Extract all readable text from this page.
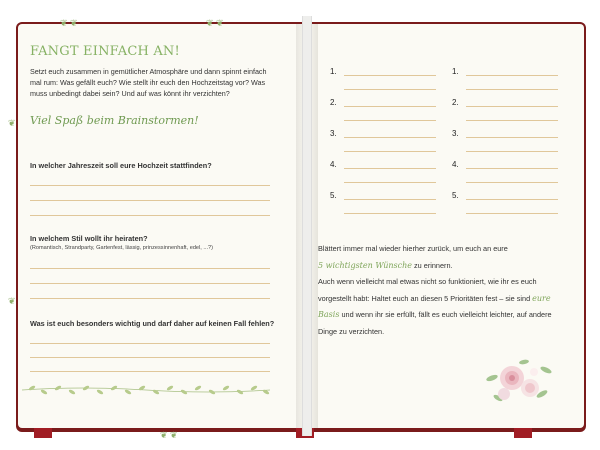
❦ ❦	❦ ❦
❦ ❦
❦
❦
FANGT EINFACH AN!

Setzt euch zusammen in gemütlicher Atmosphäre und dann spinnt einfach mal rum: Was gefällt euch? Wie stellt ihr euch den Hochzeitstag vor? Was muss unbedingt dabei sein? Und auf was könnt ihr verzichten?

Viel Spaß beim Brainstormen!
In welcher Jahreszeit soll eure Hochzeit stattfinden?
In welchem Stil wollt ihr heiraten?
(Romantisch, Strandparty, Gartenfest, lässig, prinzessinnenhaft, edel, ...?)
Was ist euch besonders wichtig und darf daher auf keinen Fall fehlen?
1.
2.
3.
4.
5.
1.
2.
3.
4.
5.
Blättert immer mal wieder hierher zurück, um euch an eure
5 wichtigsten Wünsche zu erinnern.
Auch wenn vielleicht mal etwas nicht so funktioniert, wie ihr es euch vorgestellt habt: Haltet euch an diesen 5 Prioritäten fest – sie sind eure Basis und wenn ihr sie erfüllt, fällt es euch vielleicht leichter, auf andere Dinge zu verzichten.
